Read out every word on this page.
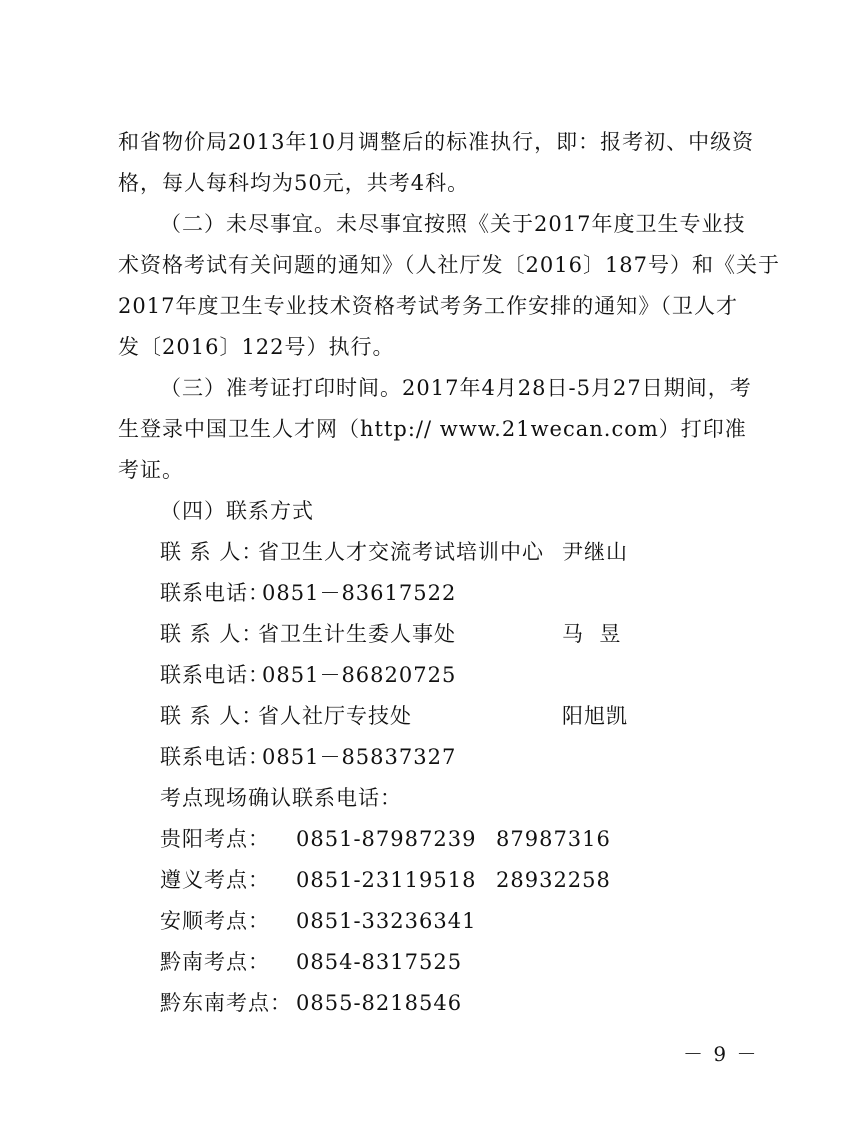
和省物价局2013年10月调整后的标准执行，即：报考初、中级资
格，每人每科均为50元，共考4科。
（二）未尽事宜。未尽事宜按照《关于2017年度卫生专业技
术资格考试有关问题的通知》（人社厅发〔2016〕187号）和《关于
2017年度卫生专业技术资格考试考务工作安排的通知》（卫人才
发〔2016〕122号）执行。
（三）准考证打印时间。2017年4月28日-5月27日期间，考
生登录中国卫生人才网（http:// www.21wecan.com）打印准
考证。
（四）联系方式
联 系 人：
省卫生人才交流考试培训中心 尹继山
联系电话：
0851－83617522
联 系 人：
省卫生计生委人事处	马  昱
联系电话：
0851－86820725
联 系 人：
省人社厅专技处	阳旭凯
联系电话：
0851－85837327
考点现场确认联系电话：
贵阳考点： 0851-87987239 87987316
遵义考点： 0851-23119518 28932258
安顺考点： 0851-33236341
黔南考点： 0854-8317525
黔东南考点： 0855-8218546
－ 9 －
